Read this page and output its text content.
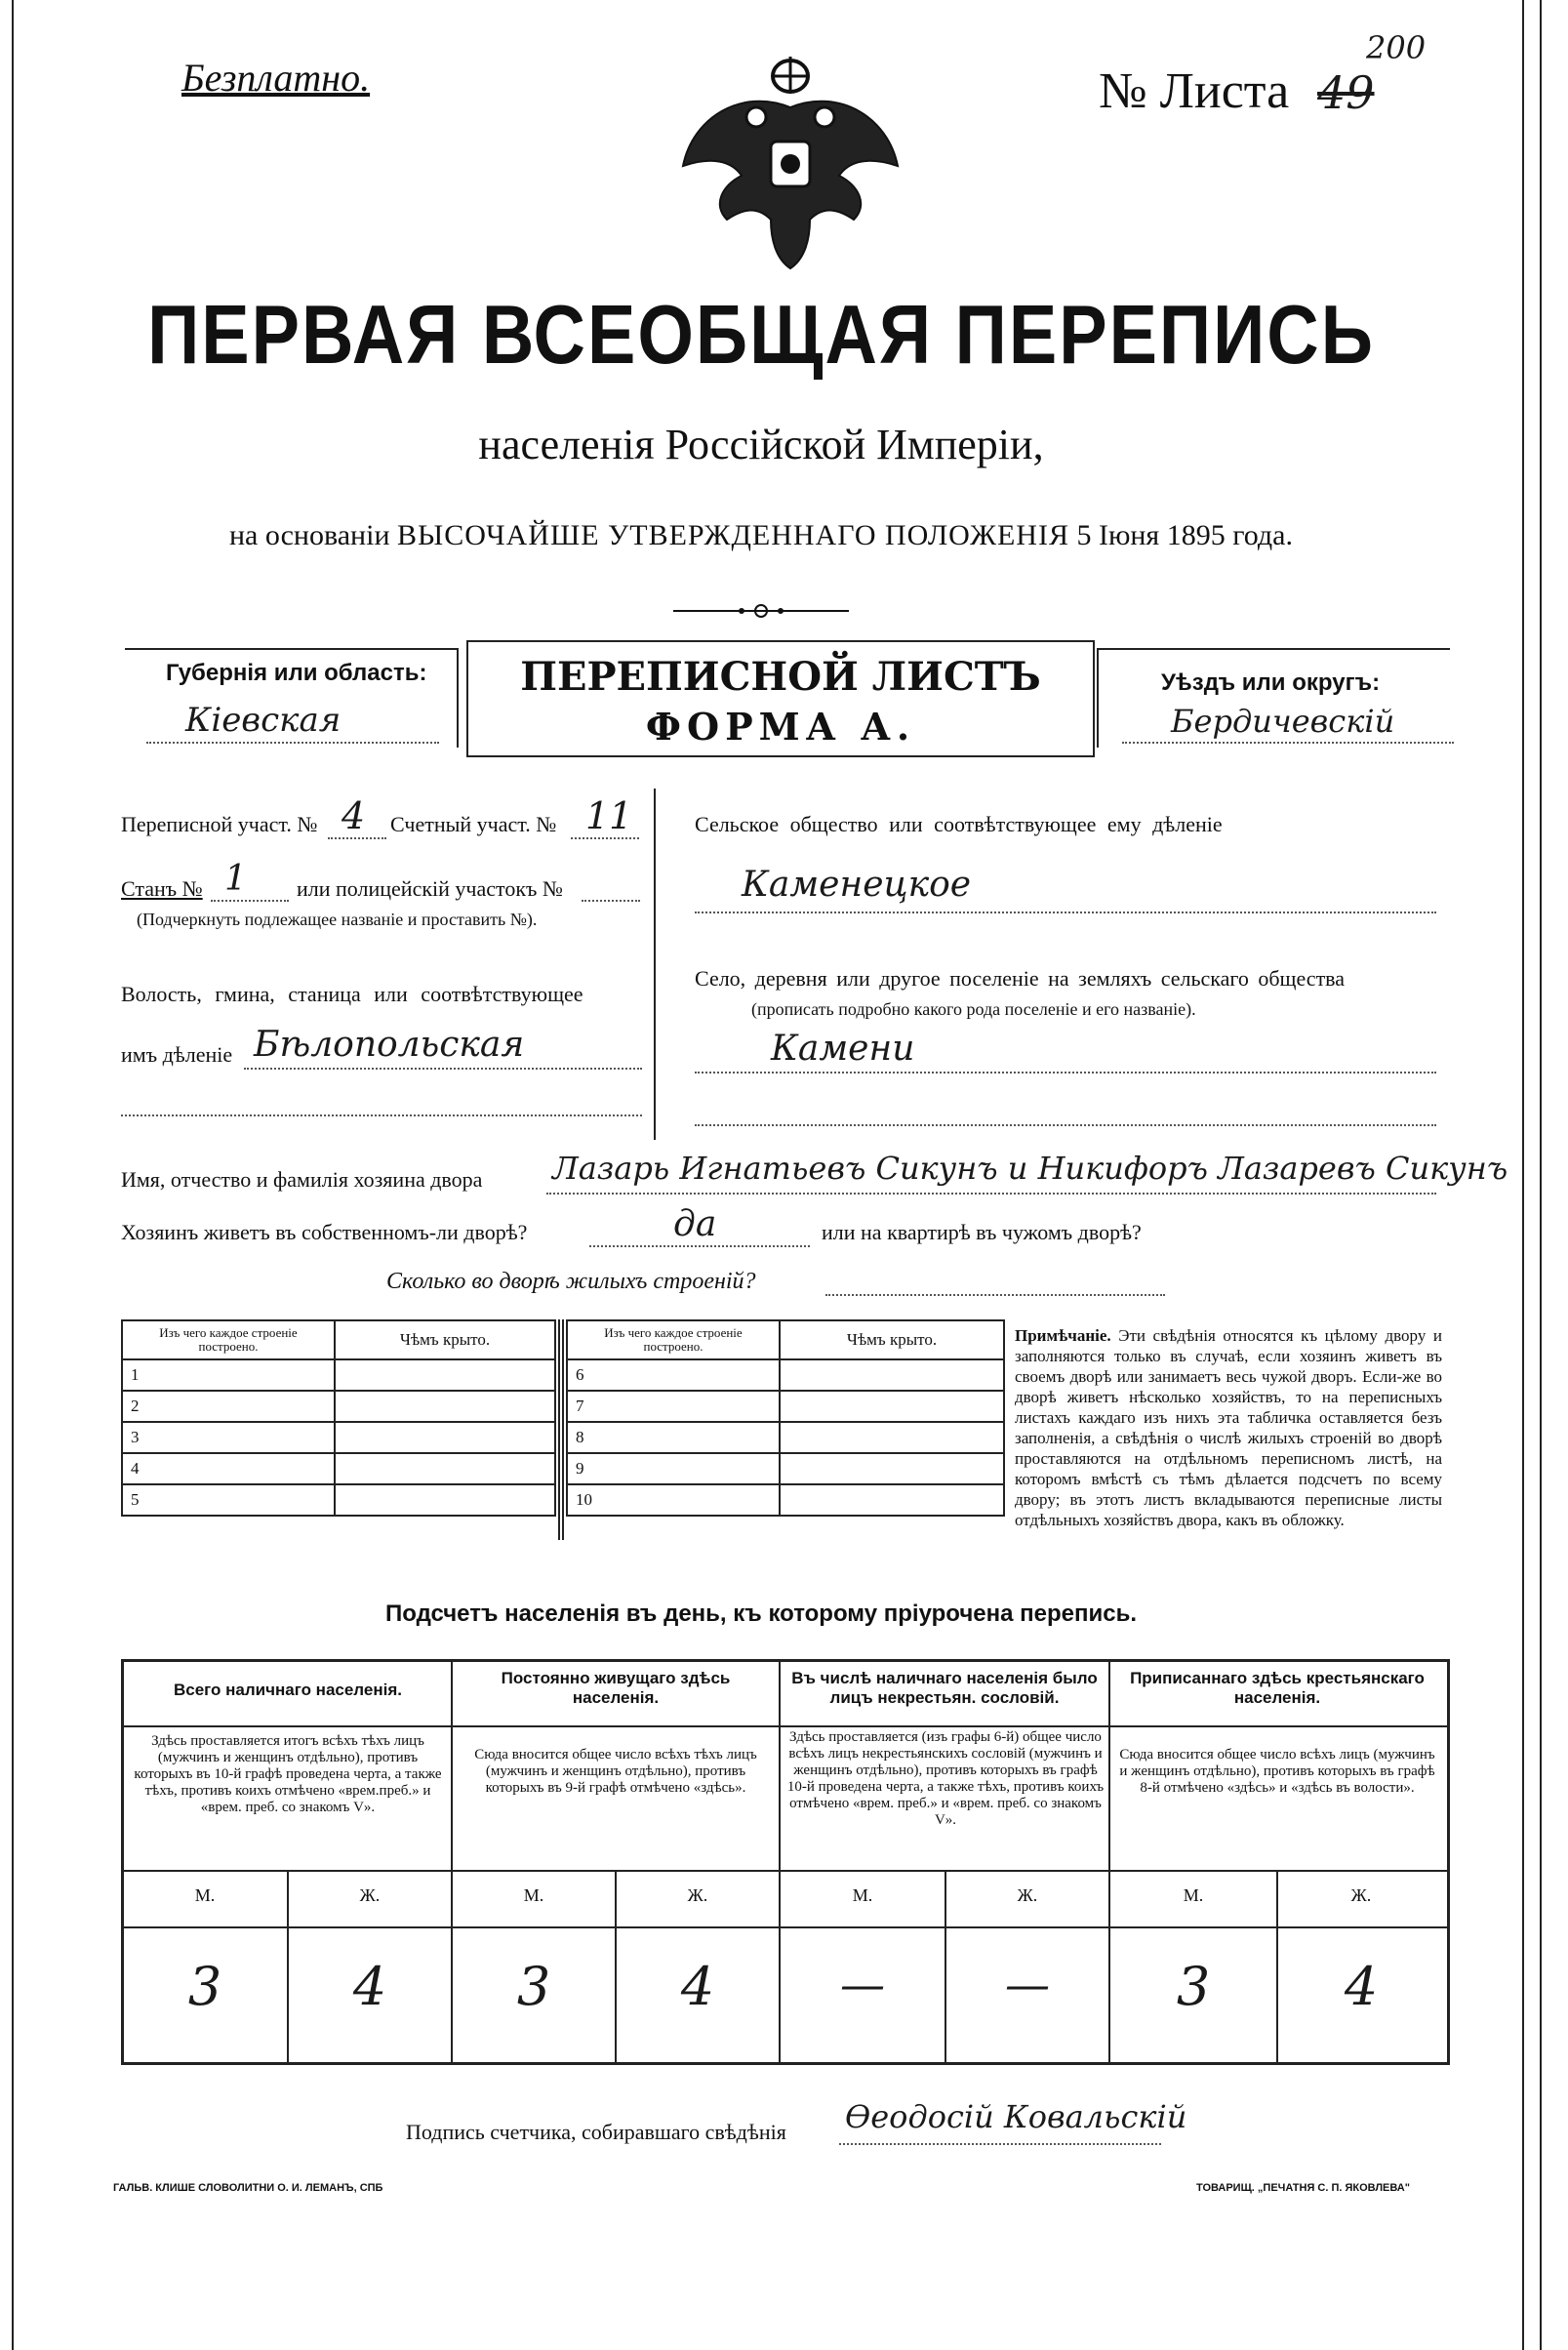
Безплатно.	№ Листа 49
200
ПЕРВАЯ ВСЕОБЩАЯ ПЕРЕПИСЬ
населенія Россійской Имперіи,
на основаніи ВЫСОЧАЙШЕ УТВЕРЖДЕННАГО ПОЛОЖЕНІЯ 5 Іюня 1895 года.
Губернія или область:
Кіевская
ПЕРЕПИСНОЙ ЛИСТЪ
ФОРМА А.
Уѣздъ или округъ:
Бердичевскій
Переписной участ. № 4 Счетный участ. № 11
Станъ № 1 или полицейскій участокъ №
(Подчеркнуть подлежащее названіе и проставить №).
Волость, гмина, станица или соотвѣтствующее
имъ дѣленіе Бѣлопольская
Сельское общество или соотвѣтствующее ему дѣленіе
Каменецкое
Село, деревня или другое поселеніе на земляхъ сельскаго общества
(прописать подробно какого рода поселеніе и его названіе).
Камени
Имя, отчество и фамилія хозяина двора Лазарь Игнатьевъ Сикунъ и Никифоръ Лазаревъ Сикунъ
Хозяинъ живетъ въ собственномъ-ли дворѣ?	да	или на квартирѣ въ чужомъ дворѣ?
Сколько во дворѣ жилыхъ строеній?
Изъ чего каждое строеніе построено.	Чѣмъ крыто.
1	
2	
3	
4	
5	
Изъ чего каждое строеніе построено.	Чѣмъ крыто.
6	
7	
8	
9	
10	
Примѣчаніе. Эти свѣдѣнія относятся къ цѣлому двору и заполняются только въ случаѣ, если хозяинъ живетъ въ своемъ дворѣ или занимаетъ весь чужой дворъ. Если-же во дворѣ живетъ нѣсколько хозяйствъ, то на переписныхъ листахъ каждаго изъ нихъ эта табличка оставляется безъ заполненія, а свѣдѣнія о числѣ жилыхъ строеній во дворѣ проставляются на отдѣльномъ переписномъ листѣ, на которомъ вмѣстѣ съ тѣмъ дѣлается подсчетъ по всему двору; въ этотъ листъ вкладываются переписные листы отдѣльныхъ хозяйствъ двора, какъ въ обложку.
Подсчетъ населенія въ день, къ которому пріурочена перепись.
Всего наличнаго населенія.
Здѣсь проставляется итогъ всѣхъ тѣхъ лицъ (мужчинъ и женщинъ отдѣльно), противъ которыхъ въ 10-й графѣ проведена черта, а также тѣхъ, противъ коихъ отмѣчено «врем.преб.» и «врем. преб. со знакомъ V».
М.	Ж.
3	4
Постоянно живущаго здѣсь населенія.
Сюда вносится общее число всѣхъ тѣхъ лицъ (мужчинъ и женщинъ отдѣльно), противъ которыхъ въ 9-й графѣ отмѣчено «здѣсь».
М.	Ж.
3	4
Въ числѣ наличнаго населенія было лицъ некрестьян. сословій.
Здѣсь проставляется (изъ графы 6-й) общее число всѣхъ лицъ некрестьянскихъ сословій (мужчинъ и женщинъ отдѣльно), противъ которыхъ въ графѣ 10-й проведена черта, а также тѣхъ, противъ коихъ отмѣчено «врем. преб.» и «врем. преб. со знакомъ V».
М.	Ж.
—	—
Приписаннаго здѣсь крестьянскаго населенія.
Сюда вносится общее число всѣхъ лицъ (мужчинъ и женщинъ отдѣльно), противъ которыхъ въ графѣ 8-й отмѣчено «здѣсь» и «здѣсь въ волости».
М.	Ж.
3	4
Подпись счетчика, собиравшаго свѣдѣнія Өеодосій Ковальскій
ГАЛЬВ. КЛИШЕ СЛОВОЛИТНИ О. И. ЛЕМАНЪ, СПБ	ТОВАРИЩ. „ПЕЧАТНЯ С. П. ЯКОВЛЕВА"
